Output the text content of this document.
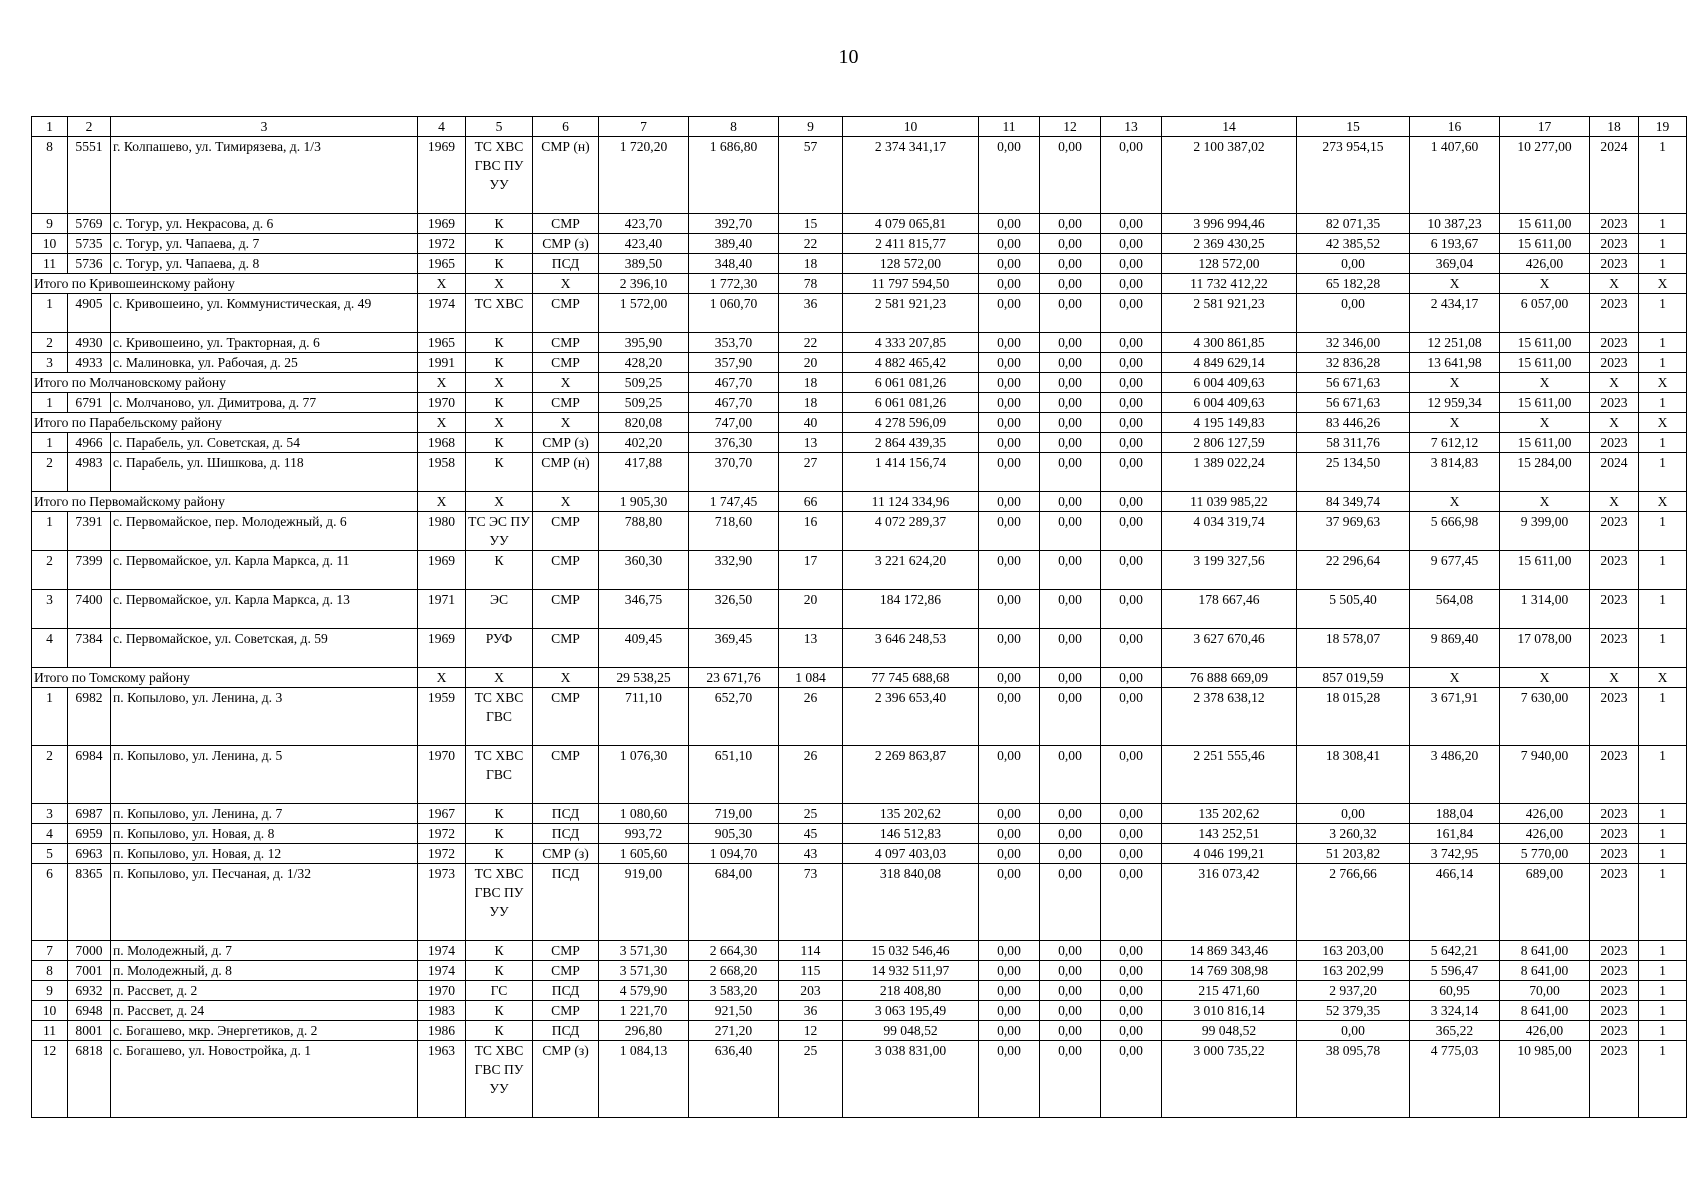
10
1	2	3	4	5	6	7	8	9	10	11	12	13	14	15	16	17	18	19
8	5551	г. Колпашево, ул. Тимирязева, д. 1/3	1969	ТС ХВС ГВС ПУ УУ	СМР (н)	1 720,20	1 686,80	57	2 374 341,17	0,00	0,00	0,00	2 100 387,02	273 954,15	1 407,60	10 277,00	2024	1
9	5769	с. Тогур, ул. Некрасова, д. 6	1969	К	СМР	423,70	392,70	15	4 079 065,81	0,00	0,00	0,00	3 996 994,46	82 071,35	10 387,23	15 611,00	2023	1
10	5735	с. Тогур, ул. Чапаева, д. 7	1972	К	СМР (з)	423,40	389,40	22	2 411 815,77	0,00	0,00	0,00	2 369 430,25	42 385,52	6 193,67	15 611,00	2023	1
11	5736	с. Тогур, ул. Чапаева, д. 8	1965	К	ПСД	389,50	348,40	18	128 572,00	0,00	0,00	0,00	128 572,00	0,00	369,04	426,00	2023	1
Итого по Кривошеинскому району			Х	Х	Х	2 396,10	1 772,30	78	11 797 594,50	0,00	0,00	0,00	11 732 412,22	65 182,28	Х	Х	Х	Х
1	4905	с. Кривошеино, ул. Коммунистическая, д. 49	1974	ТС ХВС	СМР	1 572,00	1 060,70	36	2 581 921,23	0,00	0,00	0,00	2 581 921,23	0,00	2 434,17	6 057,00	2023	1
2	4930	с. Кривошеино, ул. Тракторная, д. 6	1965	К	СМР	395,90	353,70	22	4 333 207,85	0,00	0,00	0,00	4 300 861,85	32 346,00	12 251,08	15 611,00	2023	1
3	4933	с. Малиновка, ул. Рабочая, д. 25	1991	К	СМР	428,20	357,90	20	4 882 465,42	0,00	0,00	0,00	4 849 629,14	32 836,28	13 641,98	15 611,00	2023	1
Итого по Молчановскому району			Х	Х	Х	509,25	467,70	18	6 061 081,26	0,00	0,00	0,00	6 004 409,63	56 671,63	Х	Х	Х	Х
1	6791	с. Молчаново, ул. Димитрова, д. 77	1970	К	СМР	509,25	467,70	18	6 061 081,26	0,00	0,00	0,00	6 004 409,63	56 671,63	12 959,34	15 611,00	2023	1
Итого по Парабельскому району			Х	Х	Х	820,08	747,00	40	4 278 596,09	0,00	0,00	0,00	4 195 149,83	83 446,26	Х	Х	Х	Х
1	4966	с. Парабель, ул. Советская, д. 54	1968	К	СМР (з)	402,20	376,30	13	2 864 439,35	0,00	0,00	0,00	2 806 127,59	58 311,76	7 612,12	15 611,00	2023	1
2	4983	с. Парабель, ул. Шишкова, д. 118	1958	К	СМР (н)	417,88	370,70	27	1 414 156,74	0,00	0,00	0,00	1 389 022,24	25 134,50	3 814,83	15 284,00	2024	1
Итого по Первомайскому району			Х	Х	Х	1 905,30	1 747,45	66	11 124 334,96	0,00	0,00	0,00	11 039 985,22	84 349,74	Х	Х	Х	Х
1	7391	с. Первомайское, пер. Молодежный, д. 6	1980	ТС ЭС ПУ УУ	СМР	788,80	718,60	16	4 072 289,37	0,00	0,00	0,00	4 034 319,74	37 969,63	5 666,98	9 399,00	2023	1
2	7399	с. Первомайское, ул. Карла Маркса, д. 11	1969	К	СМР	360,30	332,90	17	3 221 624,20	0,00	0,00	0,00	3 199 327,56	22 296,64	9 677,45	15 611,00	2023	1
3	7400	с. Первомайское, ул. Карла Маркса, д. 13	1971	ЭС	СМР	346,75	326,50	20	184 172,86	0,00	0,00	0,00	178 667,46	5 505,40	564,08	1 314,00	2023	1
4	7384	с. Первомайское, ул. Советская, д. 59	1969	РУФ	СМР	409,45	369,45	13	3 646 248,53	0,00	0,00	0,00	3 627 670,46	18 578,07	9 869,40	17 078,00	2023	1
Итого по Томскому району			Х	Х	Х	29 538,25	23 671,76	1 084	77 745 688,68	0,00	0,00	0,00	76 888 669,09	857 019,59	Х	Х	Х	Х
1	6982	п. Копылово, ул. Ленина, д. 3	1959	ТС ХВС ГВС	СМР	711,10	652,70	26	2 396 653,40	0,00	0,00	0,00	2 378 638,12	18 015,28	3 671,91	7 630,00	2023	1
2	6984	п. Копылово, ул. Ленина, д. 5	1970	ТС ХВС ГВС	СМР	1 076,30	651,10	26	2 269 863,87	0,00	0,00	0,00	2 251 555,46	18 308,41	3 486,20	7 940,00	2023	1
3	6987	п. Копылово, ул. Ленина, д. 7	1967	К	ПСД	1 080,60	719,00	25	135 202,62	0,00	0,00	0,00	135 202,62	0,00	188,04	426,00	2023	1
4	6959	п. Копылово, ул. Новая, д. 8	1972	К	ПСД	993,72	905,30	45	146 512,83	0,00	0,00	0,00	143 252,51	3 260,32	161,84	426,00	2023	1
5	6963	п. Копылово, ул. Новая, д. 12	1972	К	СМР (з)	1 605,60	1 094,70	43	4 097 403,03	0,00	0,00	0,00	4 046 199,21	51 203,82	3 742,95	5 770,00	2023	1
6	8365	п. Копылово, ул. Песчаная, д. 1/32	1973	ТС ХВС ГВС ПУ УУ	ПСД	919,00	684,00	73	318 840,08	0,00	0,00	0,00	316 073,42	2 766,66	466,14	689,00	2023	1
7	7000	п. Молодежный, д. 7	1974	К	СМР	3 571,30	2 664,30	114	15 032 546,46	0,00	0,00	0,00	14 869 343,46	163 203,00	5 642,21	8 641,00	2023	1
8	7001	п. Молодежный, д. 8	1974	К	СМР	3 571,30	2 668,20	115	14 932 511,97	0,00	0,00	0,00	14 769 308,98	163 202,99	5 596,47	8 641,00	2023	1
9	6932	п. Рассвет, д. 2	1970	ГС	ПСД	4 579,90	3 583,20	203	218 408,80	0,00	0,00	0,00	215 471,60	2 937,20	60,95	70,00	2023	1
10	6948	п. Рассвет, д. 24	1983	К	СМР	1 221,70	921,50	36	3 063 195,49	0,00	0,00	0,00	3 010 816,14	52 379,35	3 324,14	8 641,00	2023	1
11	8001	с. Богашево, мкр. Энергетиков, д. 2	1986	К	ПСД	296,80	271,20	12	99 048,52	0,00	0,00	0,00	99 048,52	0,00	365,22	426,00	2023	1
12	6818	с. Богашево, ул. Новостройка, д. 1	1963	ТС ХВС ГВС ПУ УУ	СМР (з)	1 084,13	636,40	25	3 038 831,00	0,00	0,00	0,00	3 000 735,22	38 095,78	4 775,03	10 985,00	2023	1
